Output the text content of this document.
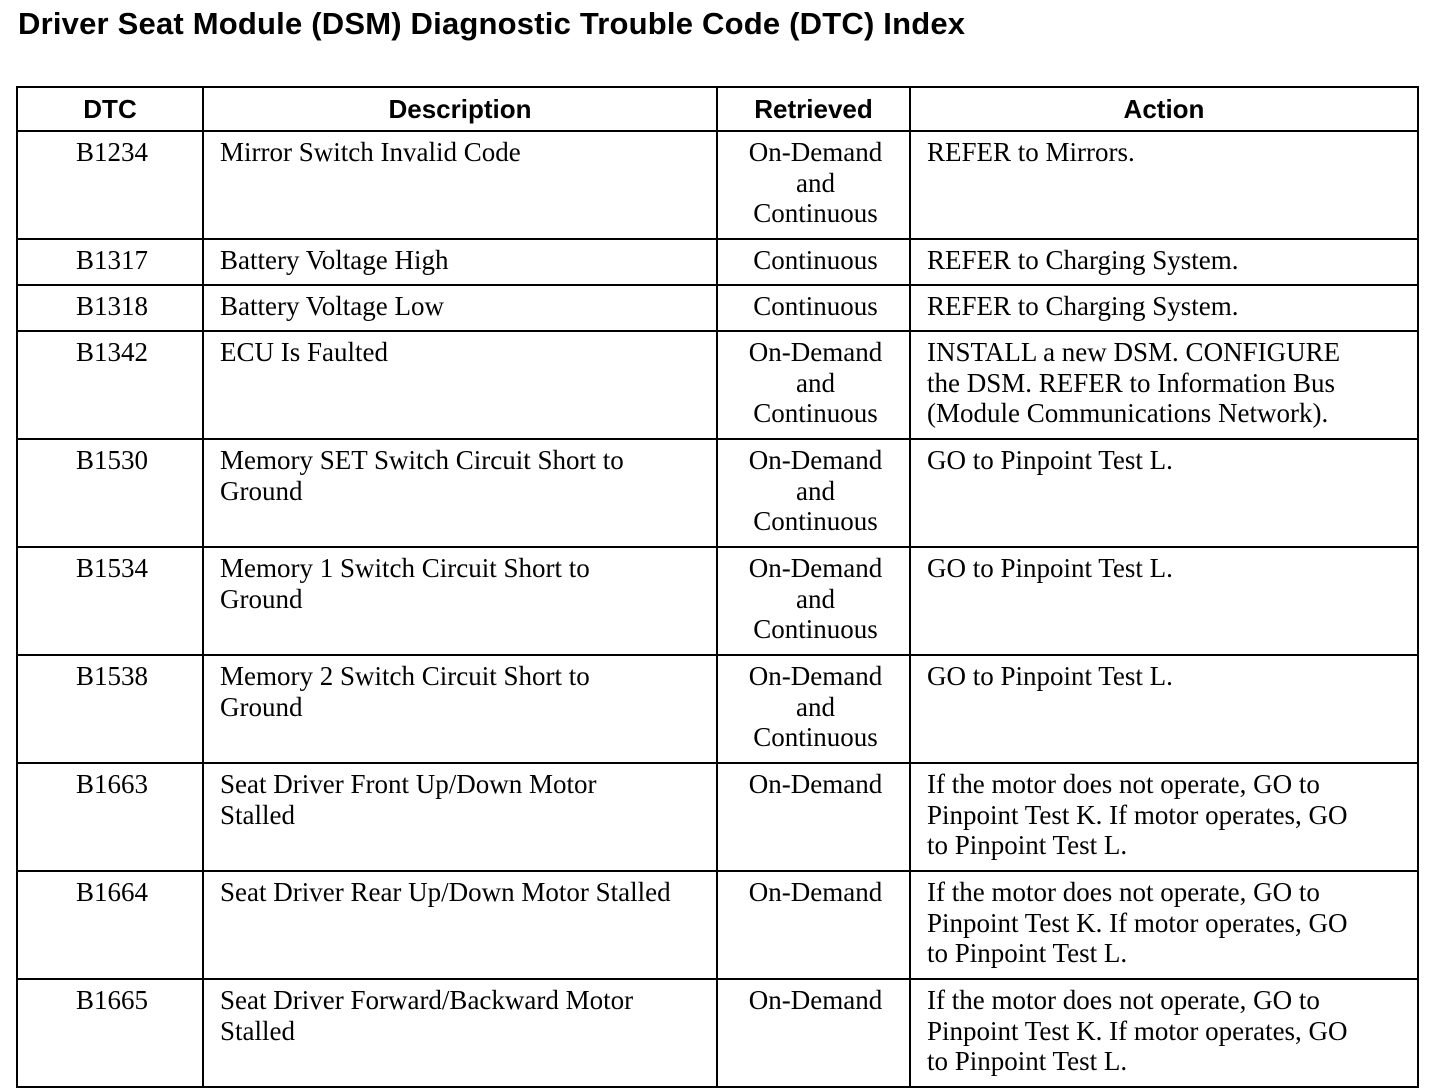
Driver Seat Module (DSM) Diagnostic Trouble Code (DTC) Index
DTC	Description	Retrieved	Action
B1234	Mirror Switch Invalid Code	On-Demand
and
Continuous	REFER to Mirrors.

B1317	Battery Voltage High	Continuous	REFER to Charging System.

B1318	Battery Voltage Low	Continuous	REFER to Charging System.

B1342	ECU Is Faulted	On-Demand
and
Continuous	INSTALL a new DSM. CONFIGURE
the DSM. REFER to Information Bus
(Module Communications Network).

B1530	Memory SET Switch Circuit Short to
Ground	On-Demand
and
Continuous	GO to Pinpoint Test L.

B1534	Memory 1 Switch Circuit Short to
Ground	On-Demand
and
Continuous	GO to Pinpoint Test L.

B1538	Memory 2 Switch Circuit Short to
Ground	On-Demand
and
Continuous	GO to Pinpoint Test L.

B1663	Seat Driver Front Up/Down Motor
Stalled	On-Demand	If the motor does not operate, GO to
Pinpoint Test K. If motor operates, GO
to Pinpoint Test L.

B1664	Seat Driver Rear Up/Down Motor Stalled	On-Demand	If the motor does not operate, GO to
Pinpoint Test K. If motor operates, GO
to Pinpoint Test L.

B1665	Seat Driver Forward/Backward Motor
Stalled	On-Demand	If the motor does not operate, GO to
Pinpoint Test K. If motor operates, GO
to Pinpoint Test L.
